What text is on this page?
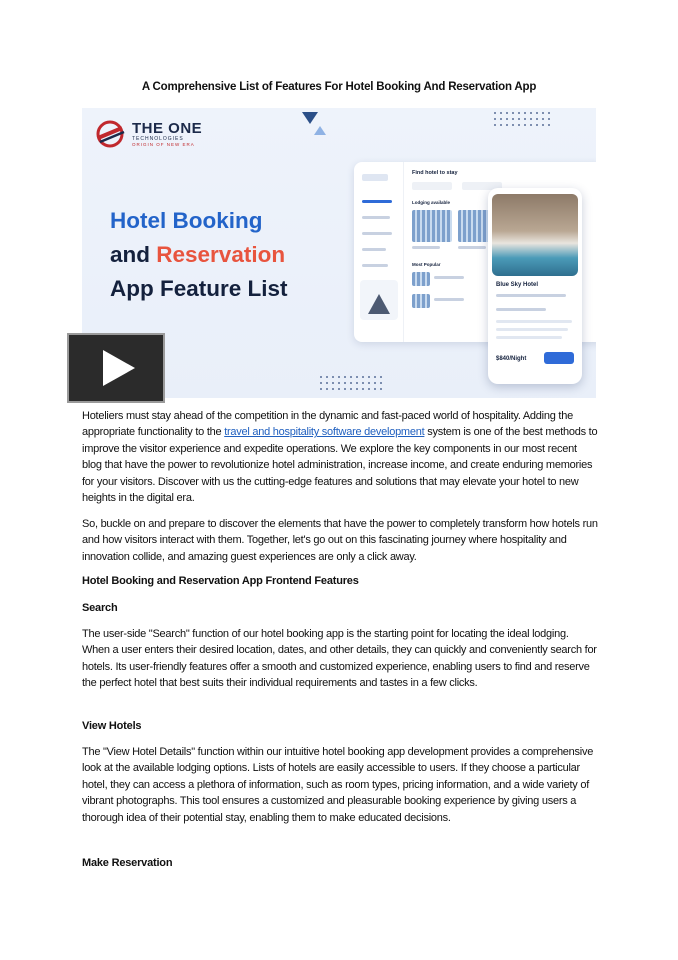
A Comprehensive List of Features For Hotel Booking And Reservation App
THE ONE
TECHNOLOGIES
ORIGIN OF NEW ERA
Hotel Booking
and Reservation
App Feature List
Find hotel to stay
Lodging available
Most Popular
Blue Sky Hotel
$840/Night

Hoteliers must stay ahead of the competition in the dynamic and fast-paced world of hospitality. Adding the appropriate functionality to the travel and hospitality software development system is one of the best methods to improve the visitor experience and expedite operations. We explore the key components in our most recent blog that have the power to revolutionize hotel administration, increase income, and create enduring memories for your visitors. Discover with us the cutting-edge features and solutions that may elevate your hotel to new heights in the digital era.

So, buckle on and prepare to discover the elements that have the power to completely transform how hotels run and how visitors interact with them. Together, let's go out on this fascinating journey where hospitality and innovation collide, and amazing guest experiences are only a click away.

Hotel Booking and Reservation App Frontend Features
Search

The user-side "Search" function of our hotel booking app is the starting point for locating the ideal lodging. When a user enters their desired location, dates, and other details, they can quickly and conveniently search for hotels. Its user-friendly features offer a smooth and customized experience, enabling users to find and reserve the perfect hotel that best suits their individual requirements and tastes in a few clicks.

View Hotels

The "View Hotel Details" function within our intuitive hotel booking app development provides a comprehensive look at the available lodging options. Lists of hotels are easily accessible to users. If they choose a particular hotel, they can access a plethora of information, such as room types, pricing information, and a wide variety of vibrant photographs. This tool ensures a customized and pleasurable booking experience by giving users a thorough idea of their potential stay, enabling them to make educated decisions.

Make Reservation
